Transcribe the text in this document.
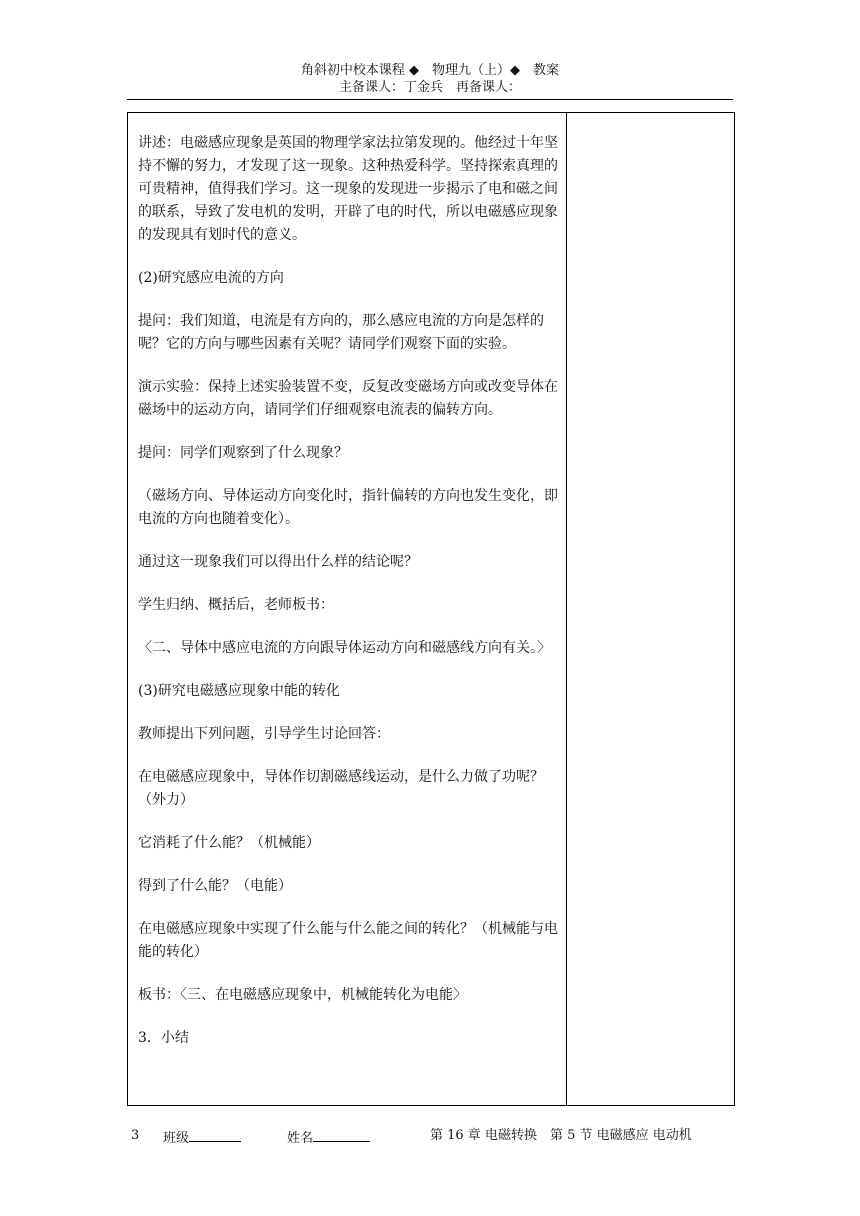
角斜初中校本课程 ◆　物理九（上）◆　教案
主备课人：丁金兵　再备课人：

讲述：电磁感应现象是英国的物理学家法拉第发现的。他经过十年坚持不懈的努力，才发现了这一现象。这种热爱科学。坚持探索真理的可贵精神，值得我们学习。这一现象的发现进一步揭示了电和磁之间的联系，导致了发电机的发明，开辟了电的时代，所以电磁感应现象的发现具有划时代的意义。

(2)研究感应电流的方向

提问：我们知道，电流是有方向的，那么感应电流的方向是怎样的呢？它的方向与哪些因素有关呢？请同学们观察下面的实验。

演示实验：保持上述实验装置不变，反复改变磁场方向或改变导体在磁场中的运动方向，请同学们仔细观察电流表的偏转方向。

提问：同学们观察到了什么现象？

（磁场方向、导体运动方向变化时，指针偏转的方向也发生变化，即电流的方向也随着变化）。

通过这一现象我们可以得出什么样的结论呢？

学生归纳、概括后，老师板书：

〈二、导体中感应电流的方向跟导体运动方向和磁感线方向有关。〉

(3)研究电磁感应现象中能的转化

教师提出下列问题，引导学生讨论回答：

在电磁感应现象中，导体作切割磁感线运动，是什么力做了功呢？（外力）

它消耗了什么能？（机械能）

得到了什么能？（电能）

在电磁感应现象中实现了什么能与什么能之间的转化？（机械能与电能的转化）

板书：〈三、在电磁感应现象中，机械能转化为电能〉

3．小结

3 班级	姓名	第 16 章 电磁转换　第 5 节 电磁感应 电动机
